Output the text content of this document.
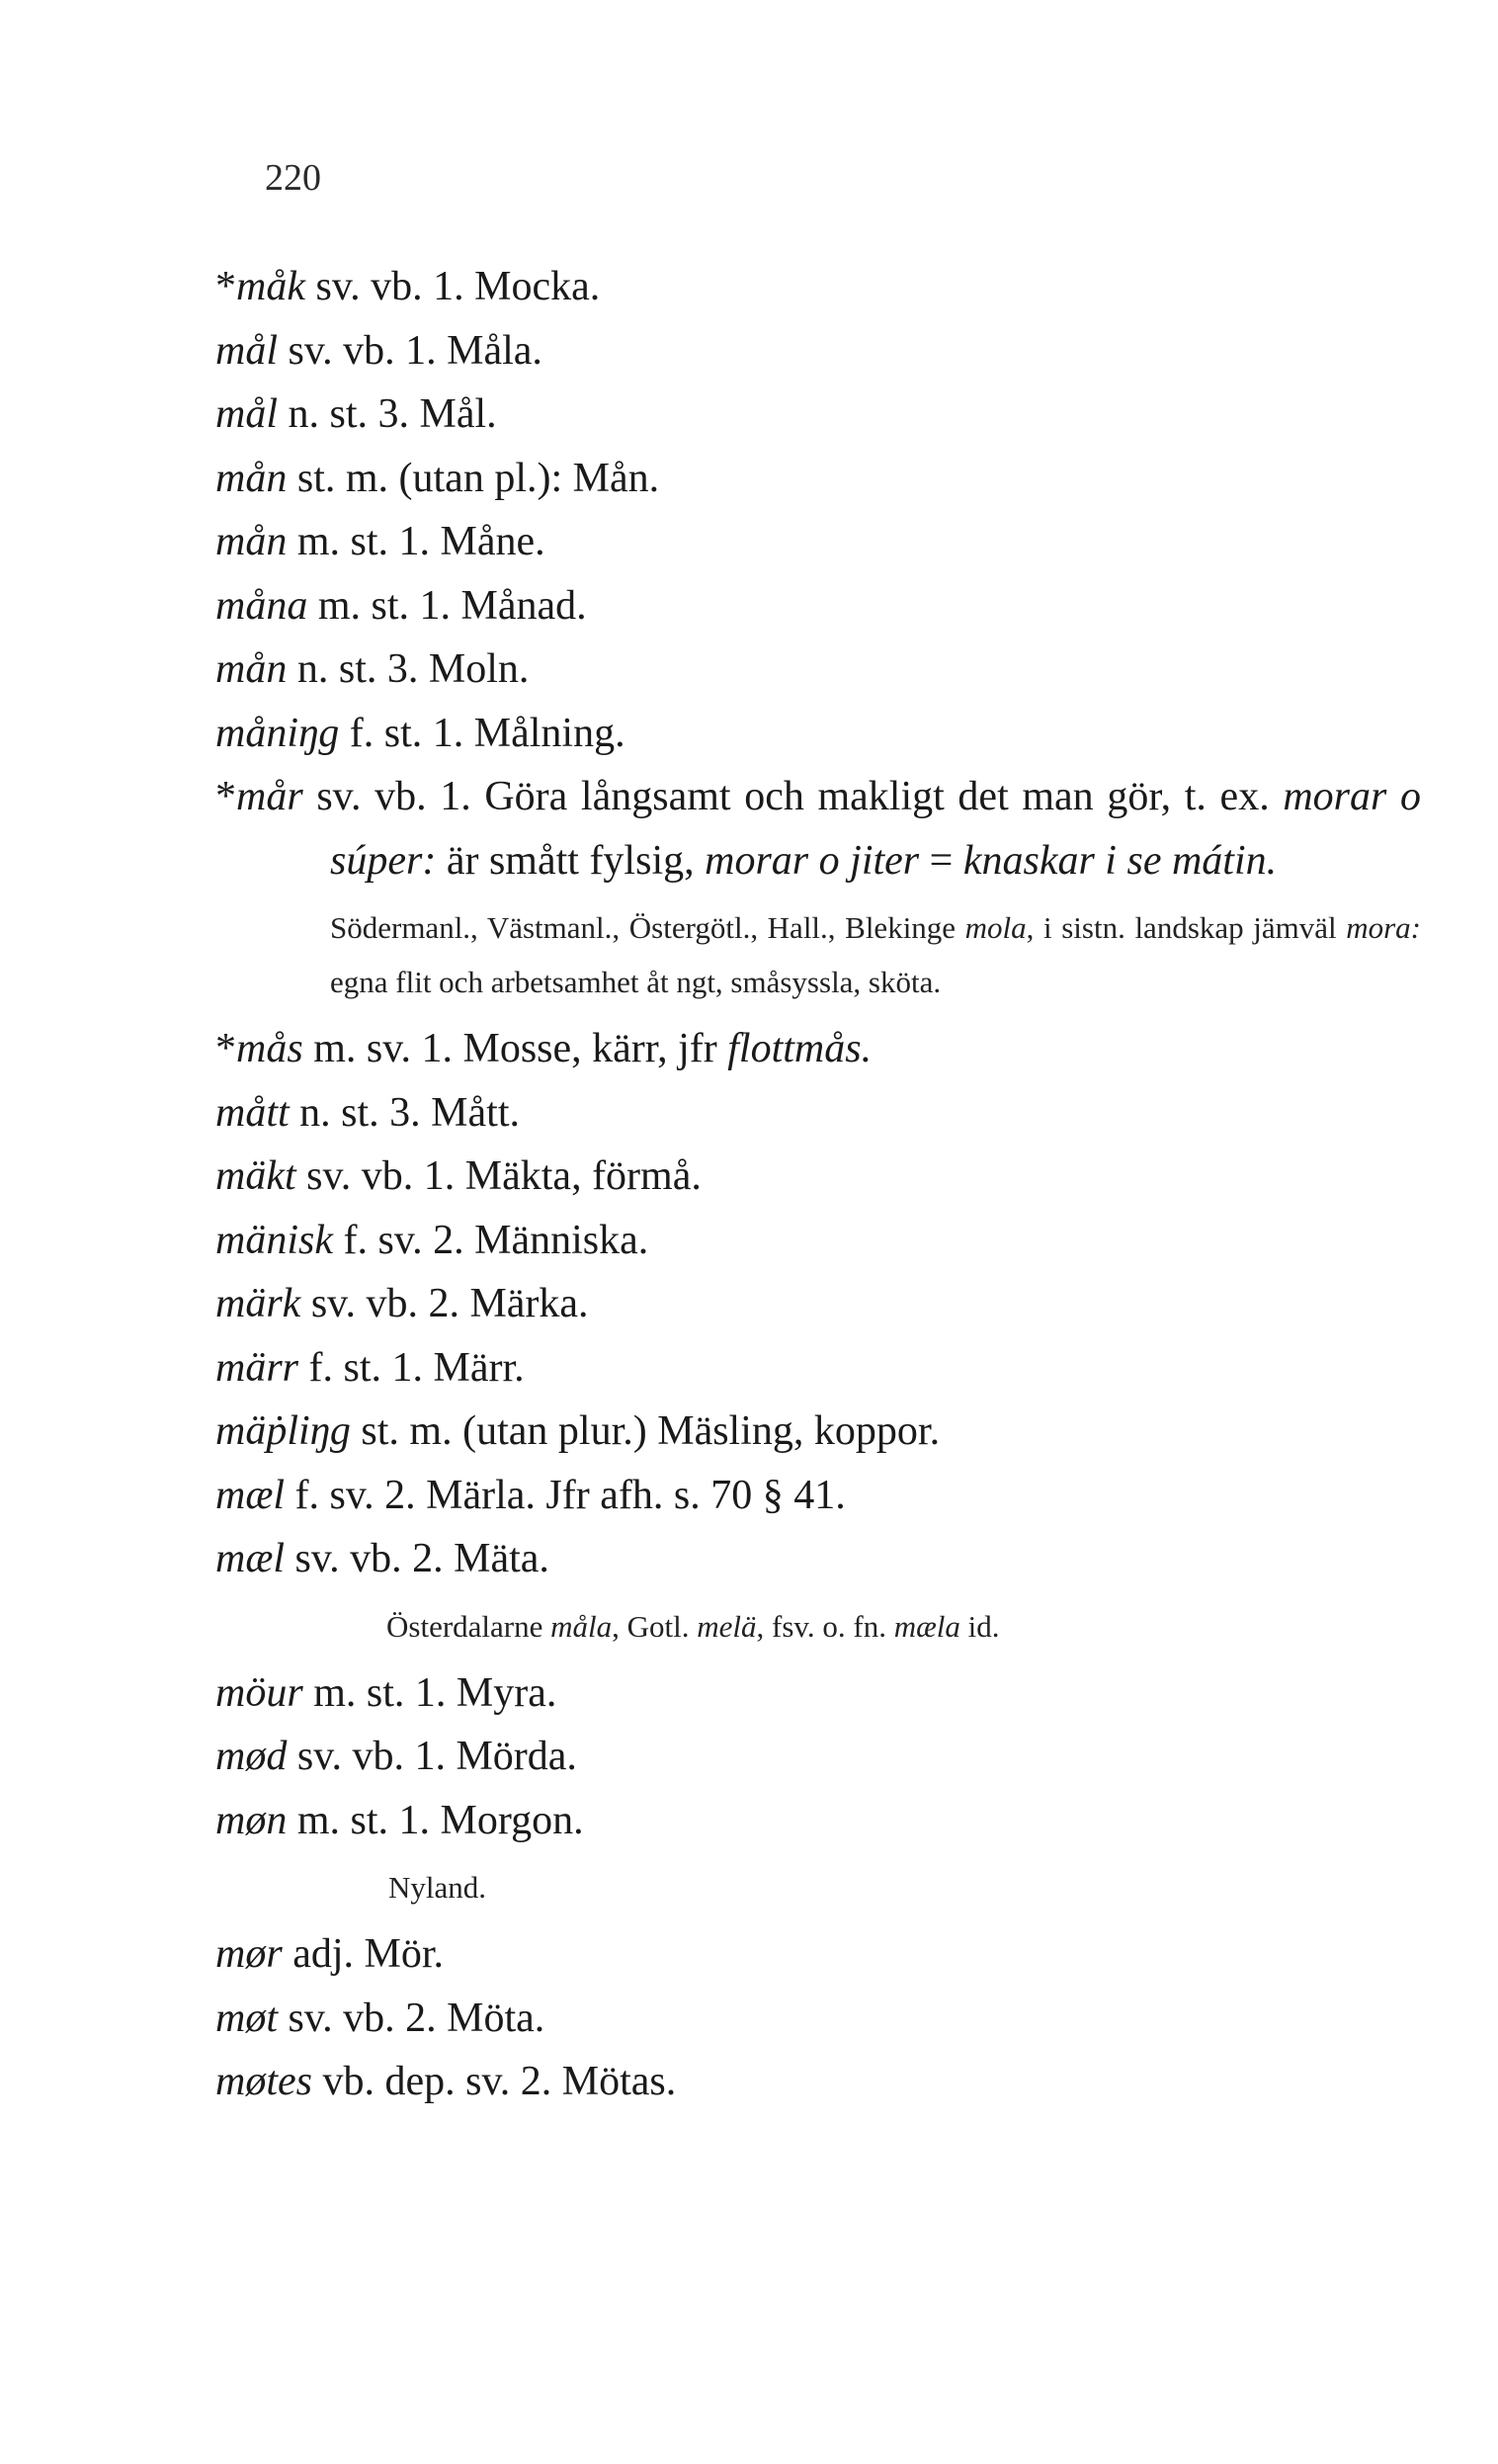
220
*måk sv. vb. 1. Mocka.
mål sv. vb. 1. Måla.
mål n. st. 3. Mål.
mån st. m. (utan pl.): Mån.
mån m. st. 1. Måne.
måna m. st. 1. Månad.
mån n. st. 3. Moln.
måniŋg f. st. 1. Målning.
*mår sv. vb. 1. Göra långsamt och makligt det man gör, t. ex. morar o súper: är smått fylsig, morar o jiter = knaskar i se mátin.
Södermanl., Västmanl., Östergötl., Hall., Blekinge mola, i sistn. landskap jämväl mora: egna flit och arbetsamhet åt ngt, småsyssla, sköta.
*mås m. sv. 1. Mosse, kärr, jfr flottmås.
mått n. st. 3. Mått.
mäkt sv. vb. 1. Mäkta, förmå.
mänisk f. sv. 2. Människa.
märk sv. vb. 2. Märka.
märr f. st. 1. Märr.
mäṗliŋg st. m. (utan plur.) Mäsling, koppor.
mæl f. sv. 2. Märla. Jfr afh. s. 70 § 41.
mæl sv. vb. 2. Mäta.
Österdalarne måla, Gotl. melä, fsv. o. fn. mæla id.
möur m. st. 1. Myra.
mød sv. vb. 1. Mörda.
møn m. st. 1. Morgon.
Nyland.
mør adj. Mör.
møt sv. vb. 2. Möta.
møtes vb. dep. sv. 2. Mötas.
